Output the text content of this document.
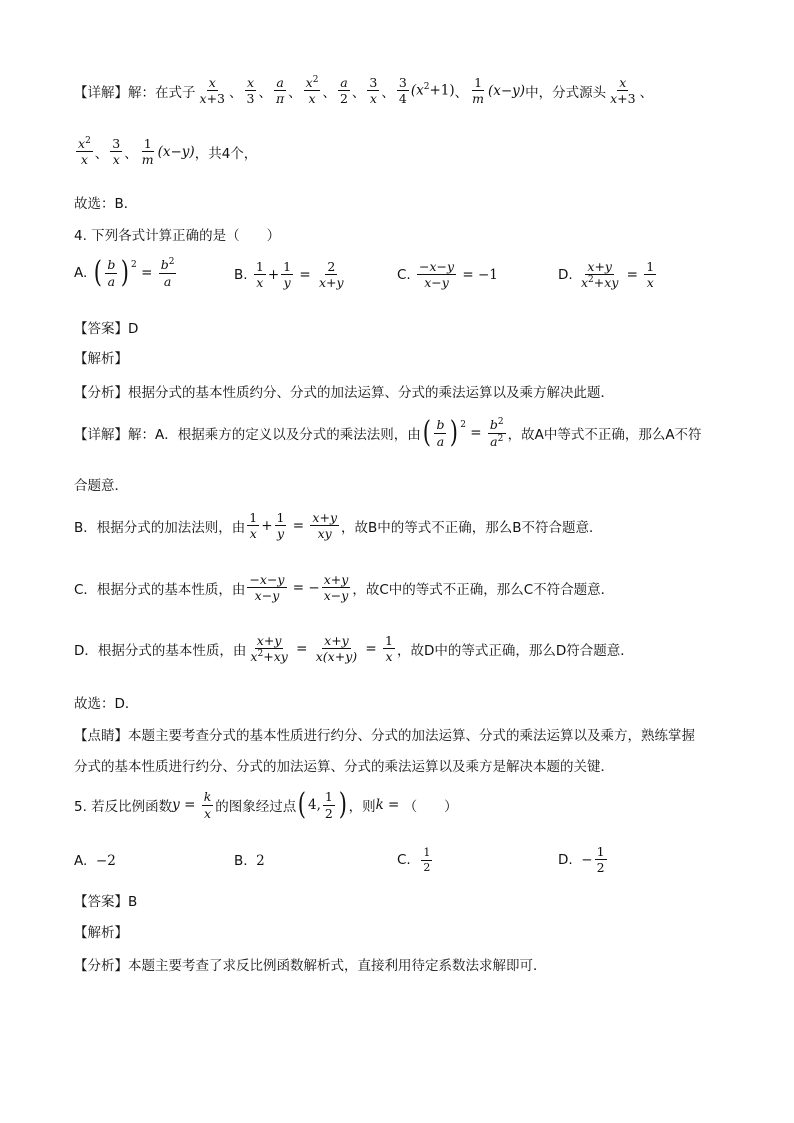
【详解】 解：在式子 $\frac{x}{x+3}$ 、 $\frac{x}{3}$ 、 $\frac{a}{\pi}$ 、 $\frac{x^2}{x}$ 、 $\frac{a}{2}$ 、 $\frac{3}{x}$ 、 $\frac{3}{4} (x^2+1)$ 、 $\frac{1}{m} (x-y)$ 中，分式源头 $\frac{x}{x+3}$ 、
$\frac{x^2}{x}$ 、 $\frac{3}{x}$ 、 $\frac{1}{m} (x-y)$ ，共4个，
故选：B．
4. 下列各式计算正确的是（　　）
A.
( $\frac{b}{a}$ ) $2 = \frac{b^2}{a}$	B.
$\frac{1}{x} + \frac{1}{y} = \frac{2}{x+y}$	C.
$\frac{-x-y}{x-y} = -1$	D.
$\frac{x+y}{x^2+xy} = \frac{1}{x}$
【答案】D
【解析】
【分析】根据分式的基本性质约分、分式的加法运算、分式的乘法运算以及乘方解决此题．
【详解】解：A．根据乘方的定义以及分式的乘法法则，由 ( $\frac{b}{a}$ ) $2 = \frac{b^2}{a^2}$ ，故A中等式不正确，那么A不符
合题意．
B．根据分式的加法法则，由 $\frac{1}{x} + \frac{1}{y} = \frac{x+y}{xy}$ ，故B中的等式不正确，那么B不符合题意．
C．根据分式的基本性质，由 $\frac{-x-y}{x-y}$ = − $\frac{x+y}{x-y}$ ，故C中的等式不正确，那么C不符合题意．
D．根据分式的基本性质，由 $\frac{x+y}{x^2+xy} = \frac{x+y}{x(x+y)} = \frac{1}{x}$ ，故D中的等式正确，那么D符合题意．
故选：D．
【点睛】本题主要考查分式的基本性质进行约分、分式的加法运算、分式的乘法运算以及乘方，熟练掌握
分式的基本性质进行约分、分式的加法运算、分式的乘法运算以及乘方是解决本题的关键．
5. 若反比例函数 $y = \frac{k}{x}$ 的图象经过点 ( 4, $\frac{1}{2}$ ) ，则 k = （　　）
A.
−2	B.
2	C.
$\frac{1}{2}$	D.
− $\frac{1}{2}$
【答案】B
【解析】
【分析】本题主要考查了求反比例函数解析式，直接利用待定系数法求解即可．
